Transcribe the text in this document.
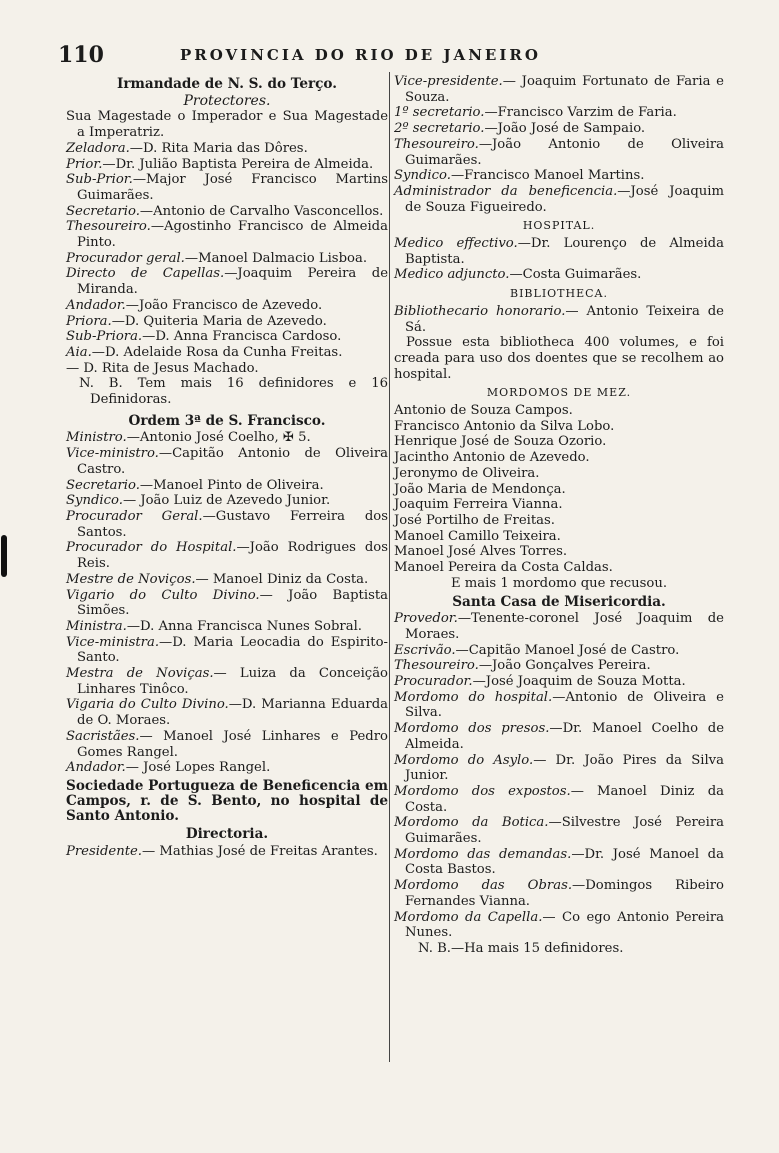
110	PROVINCIA DO RIO DE JANEIRO
Irmandade de N. S. do Terço.
Protectores.
Sua Magestade o Imperador e Sua Magestade a Imperatriz.
Zeladora.—D. Rita Maria das Dôres.
Prior.—Dr. Julião Baptista Pereira de Almeida.
Sub-Prior.—Major José Francisco Martins Guimarães.
Secretario.—Antonio de Carvalho Vasconcellos.
Thesoureiro.—Agostinho Francisco de Almeida Pinto.
Procurador geral.—Manoel Dalmacio Lisboa.
Directo de Capellas.—Joaquim Pereira de Miranda.
Andador.—João Francisco de Azevedo.
Priora.—D. Quiteria Maria de Azevedo.
Sub-Priora.—D. Anna Francisca Cardoso.
Aia.—D. Adelaide Rosa da Cunha Freitas.
— D. Rita de Jesus Machado.
N. B. Tem mais 16 definidores e 16 Definidoras.
Ordem 3ª de S. Francisco.
Ministro.—Antonio José Coelho, ✠ 5.
Vice-ministro.—Capitão Antonio de Oliveira Castro.
Secretario.—Manoel Pinto de Oliveira.
Syndico.— João Luiz de Azevedo Junior.
Procurador Geral.—Gustavo Ferreira dos Santos.
Procurador do Hospital.—João Rodrigues dos Reis.
Mestre de Noviços.— Manoel Diniz da Costa.
Vigario do Culto Divino.— João Baptista Simões.
Ministra.—D. Anna Francisca Nunes Sobral.
Vice-ministra.—D. Maria Leocadia do Espirito-Santo.
Mestra de Noviças.— Luiza da Conceição Linhares Tinôco.
Vigaria do Culto Divino.—D. Marianna Eduarda de O. Moraes.
Sacristães.— Manoel José Linhares e Pedro Gomes Rangel.
Andador.— José Lopes Rangel.
Sociedade Portugueza de Beneficencia em Campos, r. de S. Bento, no hospital de Santo Antonio.
Directoria.
Presidente.— Mathias José de Freitas Arantes.
Vice-presidente.— Joaquim Fortunato de Faria e Souza.
1º secretario.—Francisco Varzim de Faria.
2º secretario.—João José de Sampaio.
Thesoureiro.—João Antonio de Oliveira Guimarães.
Syndico.—Francisco Manoel Martins.
Administrador da beneficencia.—José Joaquim de Souza Figueiredo.
HOSPITAL.
Medico effectivo.—Dr. Lourenço de Almeida Baptista.
Medico adjuncto.—Costa Guimarães.
BIBLIOTHECA.
Bibliothecario honorario.— Antonio Teixeira de Sá.
Possue esta bibliotheca 400 volumes, e foi creada para uso dos doentes que se recolhem ao hospital.
MORDOMOS DE MEZ.
Antonio de Souza Campos.
Francisco Antonio da Silva Lobo.
Henrique José de Souza Ozorio.
Jacintho Antonio de Azevedo.
Jeronymo de Oliveira.
João Maria de Mendonça.
Joaquim Ferreira Vianna.
José Portilho de Freitas.
Manoel Camillo Teixeira.
Manoel José Alves Torres.
Manoel Pereira da Costa Caldas.
E mais 1 mordomo que recusou.
Santa Casa de Misericordia.
Provedor.—Tenente-coronel José Joaquim de Moraes.
Escrivão.—Capitão Manoel José de Castro.
Thesoureiro.—João Gonçalves Pereira.
Procurador.—José Joaquim de Souza Motta.
Mordomo do hospital.—Antonio de Oliveira e Silva.
Mordomo dos presos.—Dr. Manoel Coelho de Almeida.
Mordomo do Asylo.— Dr. João Pires da Silva Junior.
Mordomo dos expostos.— Manoel Diniz da Costa.
Mordomo da Botica.—Silvestre José Pereira Guimarães.
Mordomo das demandas.—Dr. José Manoel da Costa Bastos.
Mordomo das Obras.—Domingos Ribeiro Fernandes Vianna.
Mordomo da Capella.— Co ego Antonio Pereira Nunes.
N. B.—Ha mais 15 definidores.
